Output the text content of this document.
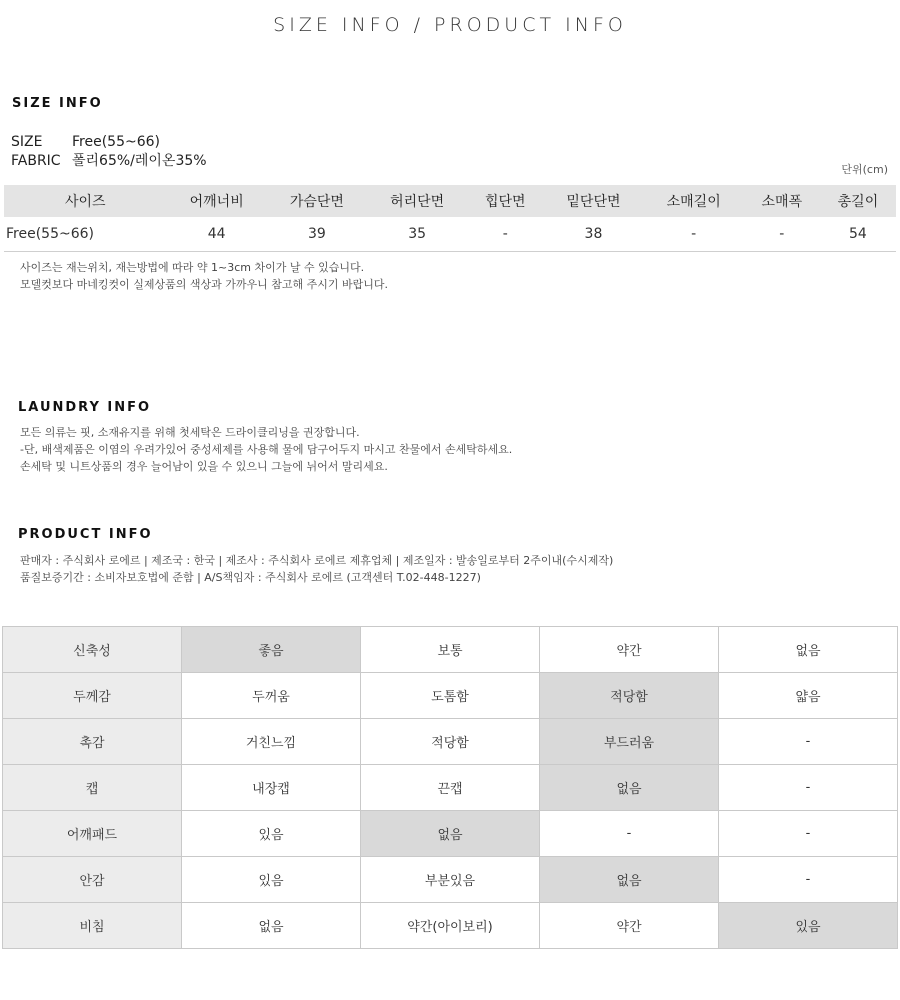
SIZE INFO / PRODUCT INFO
SIZE INFO
SIZE Free(55~66)
FABRIC 폴리65%/레이온35%
단위(cm)
사이즈	어깨너비	가슴단면	허리단면	힙단면	밑단단면	소매길이	소매폭	총길이
Free(55~66)	44	39	35	-	38	-	-	54
사이즈는 재는위치, 재는방법에 따라 약 1~3cm 차이가 날 수 있습니다.
모델컷보다 마네킹컷이 실제상품의 색상과 가까우니 참고해 주시기 바랍니다.
LAUNDRY INFO
모든 의류는 핏, 소재유지를 위해 첫세탁은 드라이클리닝을 권장합니다.
-단, 배색제품은 이염의 우려가있어 중성세제를 사용해 물에 담구어두지 마시고 찬물에서 손세탁하세요.
손세탁 및 니트상품의 경우 늘어남이 있을 수 있으니 그늘에 뉘어서 말리세요.
PRODUCT INFO
판매자 : 주식회사 로에르 | 제조국 : 한국 | 제조사 : 주식회사 로에르 제휴업체 | 제조일자 : 발송일로부터 2주이내(수시제작)
품질보증기간 : 소비자보호법에 준함 | A/S책임자 : 주식회사 로에르 (고객센터 T.02-448-1227)
신축성	좋음	보통	약간	없음
두께감	두꺼움	도톰함	적당함	얇음
촉감	거친느낌	적당함	부드러움	-
캡	내장캡	끈캡	없음	-
어깨패드	있음	없음	-	-
안감	있음	부분있음	없음	-
비침	없음	약간(아이보리)	약간	있음
